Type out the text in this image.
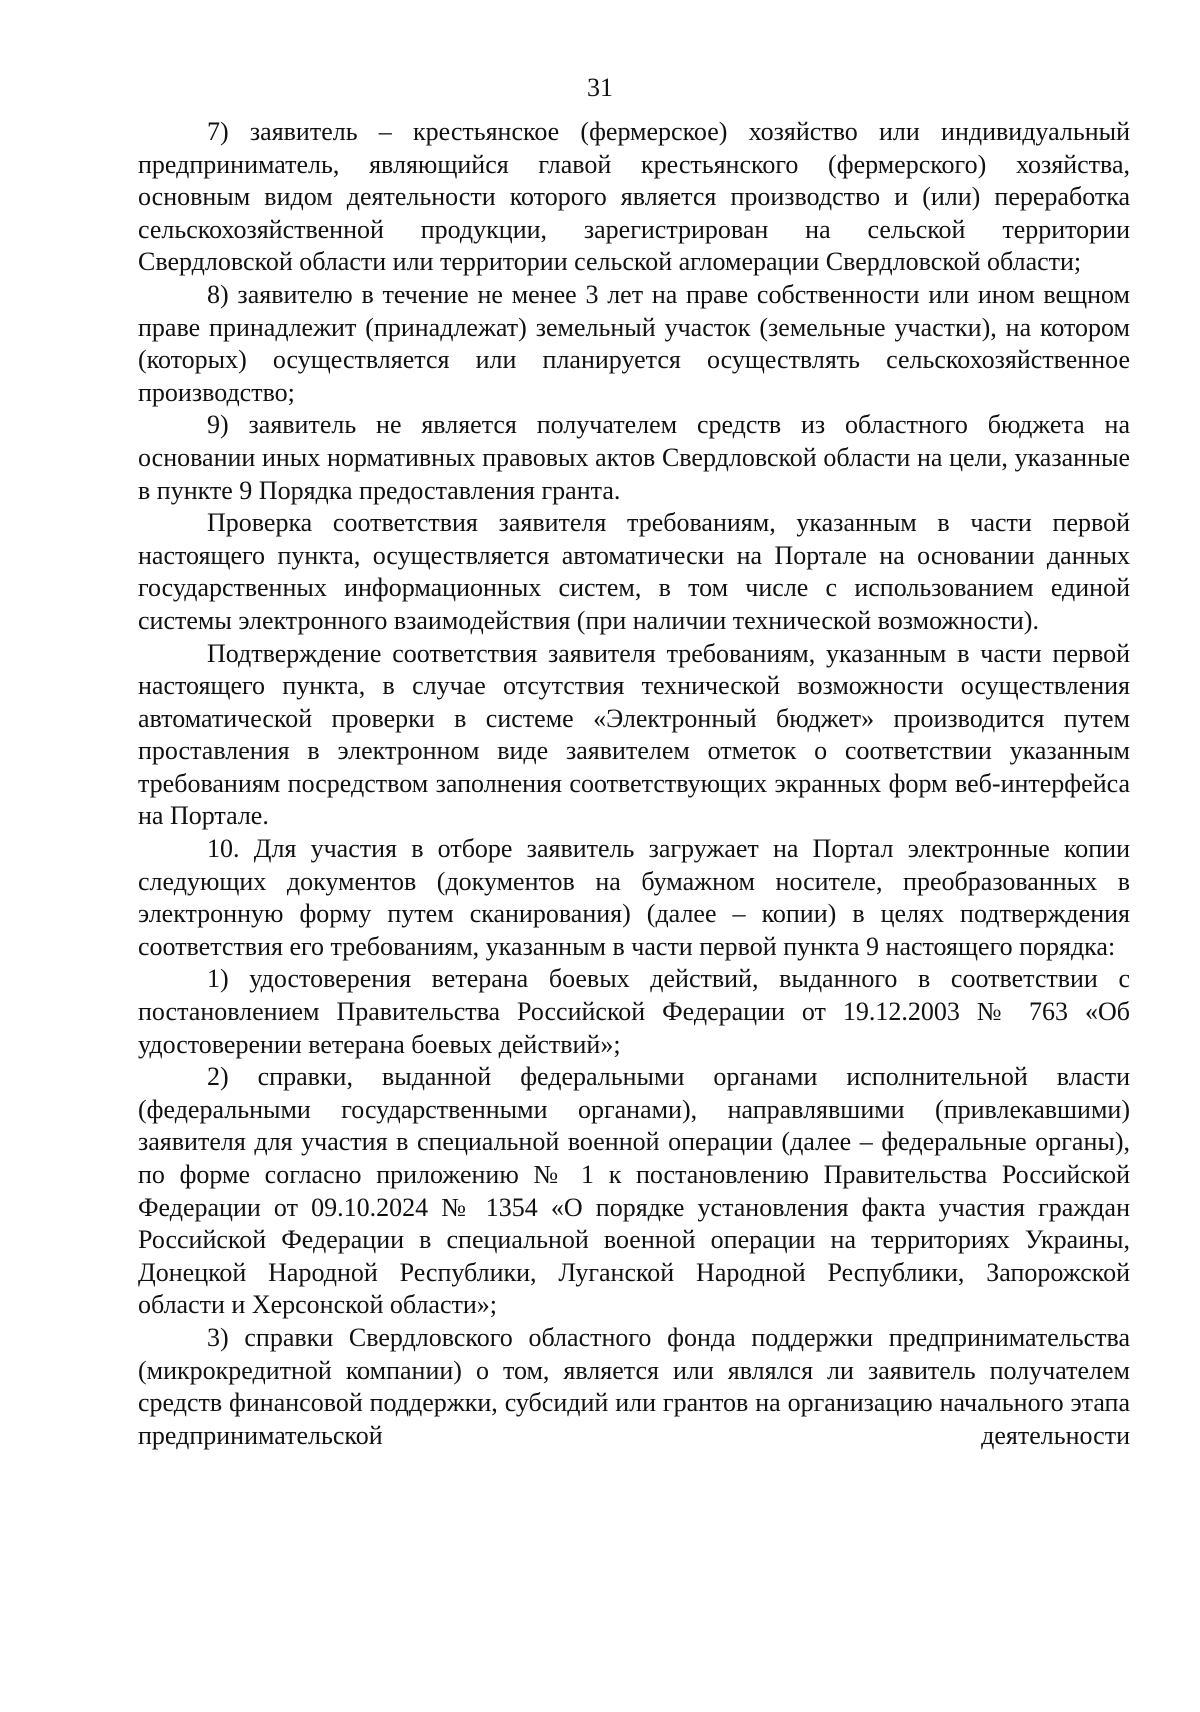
31

7) заявитель – крестьянское (фермерское) хозяйство или индивидуальный предприниматель, являющийся главой крестьянского (фермерского) хозяйства, основным видом деятельности которого является производство и (или) переработка сельскохозяйственной продукции, зарегистрирован на сельской территории Свердловской области или территории сельской агломерации Свердловской области;

8) заявителю в течение не менее 3 лет на праве собственности или ином вещном праве принадлежит (принадлежат) земельный участок (земельные участки), на котором (которых) осуществляется или планируется осуществлять сельскохозяйственное производство;

9) заявитель не является получателем средств из областного бюджета на основании иных нормативных правовых актов Свердловской области на цели, указанные в пункте 9 Порядка предоставления гранта.

Проверка соответствия заявителя требованиям, указанным в части первой настоящего пункта, осуществляется автоматически на Портале на основании данных государственных информационных систем, в том числе с использованием единой системы электронного взаимодействия (при наличии технической возможности).

Подтверждение соответствия заявителя требованиям, указанным в части первой настоящего пункта, в случае отсутствия технической возможности осуществления автоматической проверки в системе «Электронный бюджет» производится путем проставления в электронном виде заявителем отметок о соответствии указанным требованиям посредством заполнения соответствующих экранных форм веб-интерфейса на Портале.

10. Для участия в отборе заявитель загружает на Портал электронные копии следующих документов (документов на бумажном носителе, преобразованных в электронную форму путем сканирования) (далее – копии) в целях подтверждения соответствия его требованиям, указанным в части первой пункта 9 настоящего порядка:

1) удостоверения ветерана боевых действий, выданного в соответствии с постановлением Правительства Российской Федерации от 19.12.2003 № 763 «Об удостоверении ветерана боевых действий»;

2) справки, выданной федеральными органами исполнительной власти (федеральными государственными органами), направлявшими (привлекавшими) заявителя для участия в специальной военной операции (далее – федеральные органы), по форме согласно приложению № 1 к постановлению Правительства Российской Федерации от 09.10.2024 № 1354 «О порядке установления факта участия граждан Российской Федерации в специальной военной операции на территориях Украины, Донецкой Народной Республики, Луганской Народной Республики, Запорожской области и Херсонской области»;

3) справки Свердловского областного фонда поддержки предпринимательства (микрокредитной компании) о том, является или являлся ли заявитель получателем средств финансовой поддержки, субсидий или грантов на организацию начального этапа предпринимательской деятельности
